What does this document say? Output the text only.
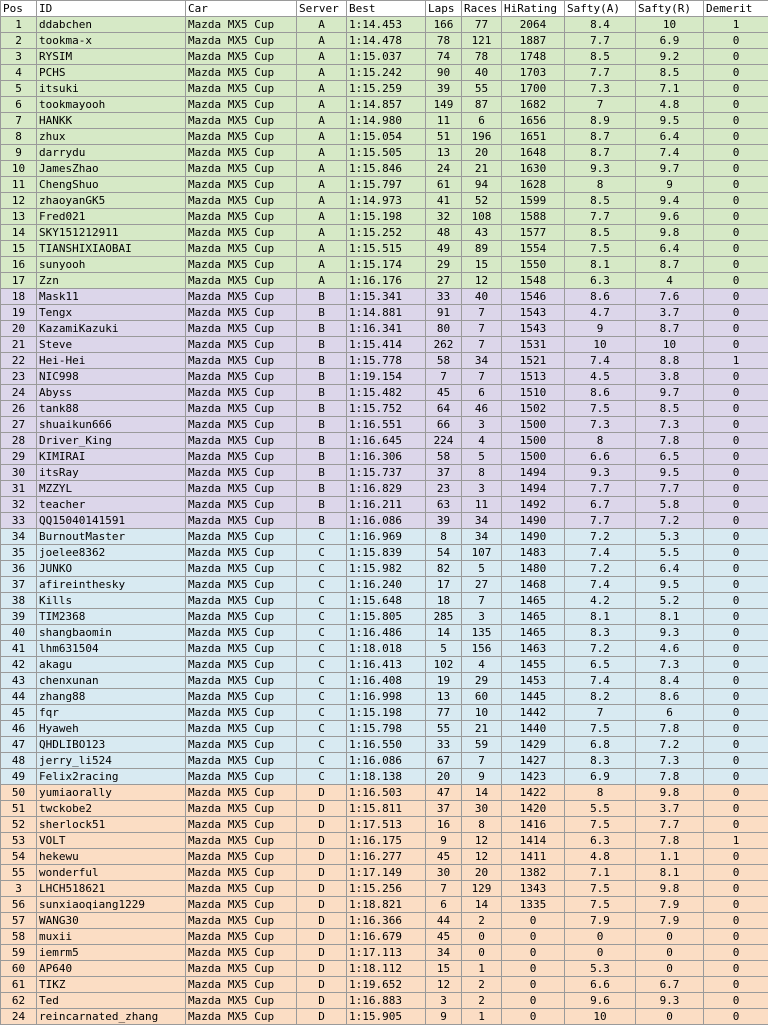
Pos	ID	Car	Server	Best	Laps	Races	HiRating	Safty(A)	Safty(R)	Demerit
1	ddabchen	Mazda MX5 Cup	A	1:14.453	166	77	2064	8.4	10	1
2	tookma-x	Mazda MX5 Cup	A	1:14.478	78	121	1887	7.7	6.9	0
3	RYSIM	Mazda MX5 Cup	A	1:15.037	74	78	1748	8.5	9.2	0
4	PCHS	Mazda MX5 Cup	A	1:15.242	90	40	1703	7.7	8.5	0
5	itsuki	Mazda MX5 Cup	A	1:15.259	39	55	1700	7.3	7.1	0
6	tookmayooh	Mazda MX5 Cup	A	1:14.857	149	87	1682	7	4.8	0
7	HANKK	Mazda MX5 Cup	A	1:14.980	11	6	1656	8.9	9.5	0
8	zhux	Mazda MX5 Cup	A	1:15.054	51	196	1651	8.7	6.4	0
9	darrydu	Mazda MX5 Cup	A	1:15.505	13	20	1648	8.7	7.4	0
10	JamesZhao	Mazda MX5 Cup	A	1:15.846	24	21	1630	9.3	9.7	0
11	ChengShuo	Mazda MX5 Cup	A	1:15.797	61	94	1628	8	9	0
12	zhaoyanGK5	Mazda MX5 Cup	A	1:14.973	41	52	1599	8.5	9.4	0
13	Fred021	Mazda MX5 Cup	A	1:15.198	32	108	1588	7.7	9.6	0
14	SKY151212911	Mazda MX5 Cup	A	1:15.252	48	43	1577	8.5	9.8	0
15	TIANSHIXIAOBAI	Mazda MX5 Cup	A	1:15.515	49	89	1554	7.5	6.4	0
16	sunyooh	Mazda MX5 Cup	A	1:15.174	29	15	1550	8.1	8.7	0
17	Zzn	Mazda MX5 Cup	A	1:16.176	27	12	1548	6.3	4	0
18	Mask11	Mazda MX5 Cup	B	1:15.341	33	40	1546	8.6	7.6	0
19	Tengx	Mazda MX5 Cup	B	1:14.881	91	7	1543	4.7	3.7	0
20	KazamiKazuki	Mazda MX5 Cup	B	1:16.341	80	7	1543	9	8.7	0
21	Steve	Mazda MX5 Cup	B	1:15.414	262	7	1531	10	10	0
22	Hei-Hei	Mazda MX5 Cup	B	1:15.778	58	34	1521	7.4	8.8	1
23	NIC998	Mazda MX5 Cup	B	1:19.154	7	7	1513	4.5	3.8	0
24	Abyss	Mazda MX5 Cup	B	1:15.482	45	6	1510	8.6	9.7	0
26	tank88	Mazda MX5 Cup	B	1:15.752	64	46	1502	7.5	8.5	0
27	shuaikun666	Mazda MX5 Cup	B	1:16.551	66	3	1500	7.3	7.3	0
28	Driver_King	Mazda MX5 Cup	B	1:16.645	224	4	1500	8	7.8	0
29	KIMIRAI	Mazda MX5 Cup	B	1:16.306	58	5	1500	6.6	6.5	0
30	itsRay	Mazda MX5 Cup	B	1:15.737	37	8	1494	9.3	9.5	0
31	MZZYL	Mazda MX5 Cup	B	1:16.829	23	3	1494	7.7	7.7	0
32	teacher	Mazda MX5 Cup	B	1:16.211	63	11	1492	6.7	5.8	0
33	QQ15040141591	Mazda MX5 Cup	B	1:16.086	39	34	1490	7.7	7.2	0
34	BurnoutMaster	Mazda MX5 Cup	C	1:16.969	8	34	1490	7.2	5.3	0
35	joelee8362	Mazda MX5 Cup	C	1:15.839	54	107	1483	7.4	5.5	0
36	JUNKO	Mazda MX5 Cup	C	1:15.982	82	5	1480	7.2	6.4	0
37	afireinthesky	Mazda MX5 Cup	C	1:16.240	17	27	1468	7.4	9.5	0
38	Kills	Mazda MX5 Cup	C	1:15.648	18	7	1465	4.2	5.2	0
39	TIM2368	Mazda MX5 Cup	C	1:15.805	285	3	1465	8.1	8.1	0
40	shangbaomin	Mazda MX5 Cup	C	1:16.486	14	135	1465	8.3	9.3	0
41	lhm631504	Mazda MX5 Cup	C	1:18.018	5	156	1463	7.2	4.6	0
42	akagu	Mazda MX5 Cup	C	1:16.413	102	4	1455	6.5	7.3	0
43	chenxunan	Mazda MX5 Cup	C	1:16.408	19	29	1453	7.4	8.4	0
44	zhang88	Mazda MX5 Cup	C	1:16.998	13	60	1445	8.2	8.6	0
45	fqr	Mazda MX5 Cup	C	1:15.198	77	10	1442	7	6	0
46	Hyaweh	Mazda MX5 Cup	C	1:15.798	55	21	1440	7.5	7.8	0
47	QHDLIBO123	Mazda MX5 Cup	C	1:16.550	33	59	1429	6.8	7.2	0
48	jerry_li524	Mazda MX5 Cup	C	1:16.086	67	7	1427	8.3	7.3	0
49	Felix2racing	Mazda MX5 Cup	C	1:18.138	20	9	1423	6.9	7.8	0
50	yumiaorally	Mazda MX5 Cup	D	1:16.503	47	14	1422	8	9.8	0
51	twckobe2	Mazda MX5 Cup	D	1:15.811	37	30	1420	5.5	3.7	0
52	sherlock51	Mazda MX5 Cup	D	1:17.513	16	8	1416	7.5	7.7	0
53	VOLT	Mazda MX5 Cup	D	1:16.175	9	12	1414	6.3	7.8	1
54	hekewu	Mazda MX5 Cup	D	1:16.277	45	12	1411	4.8	1.1	0
55	wonderful	Mazda MX5 Cup	D	1:17.149	30	20	1382	7.1	8.1	0
3	LHCH518621	Mazda MX5 Cup	D	1:15.256	7	129	1343	7.5	9.8	0
56	sunxiaoqiang1229	Mazda MX5 Cup	D	1:18.821	6	14	1335	7.5	7.9	0
57	WANG30	Mazda MX5 Cup	D	1:16.366	44	2	0	7.9	7.9	0
58	muxii	Mazda MX5 Cup	D	1:16.679	45	0	0	0	0	0
59	iemrm5	Mazda MX5 Cup	D	1:17.113	34	0	0	0	0	0
60	AP640	Mazda MX5 Cup	D	1:18.112	15	1	0	5.3	0	0
61	TIKZ	Mazda MX5 Cup	D	1:19.652	12	2	0	6.6	6.7	0
62	Ted	Mazda MX5 Cup	D	1:16.883	3	2	0	9.6	9.3	0
24	reincarnated_zhang	Mazda MX5 Cup	D	1:15.905	9	1	0	10	0	0
